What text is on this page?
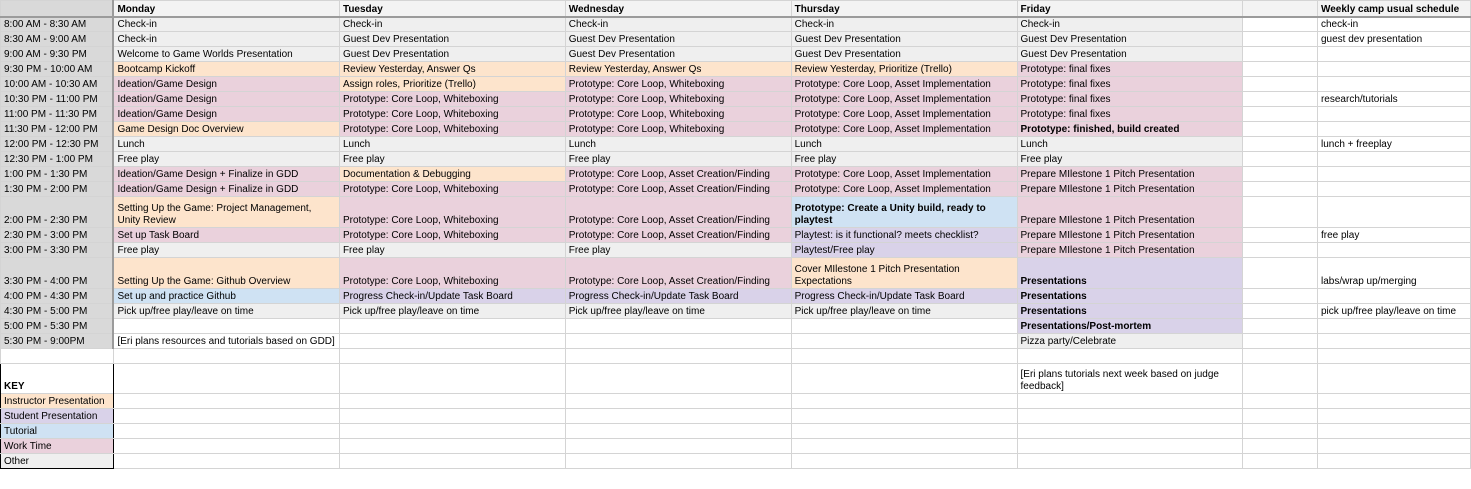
	Monday	Tuesday	Wednesday	Thursday	Friday		Weekly camp usual schedule
8:00 AM - 8:30 AM	Check-in	Check-in	Check-in	Check-in	Check-in		check-in
8:30 AM - 9:00 AM	Check-in	Guest Dev Presentation	Guest Dev Presentation	Guest Dev Presentation	Guest Dev Presentation		guest dev presentation
9:00 AM - 9:30 PM	Welcome to Game Worlds Presentation	Guest Dev Presentation	Guest Dev Presentation	Guest Dev Presentation	Guest Dev Presentation		
9:30 PM - 10:00 AM	Bootcamp Kickoff	Review Yesterday, Answer Qs	Review Yesterday, Answer Qs	Review Yesterday, Prioritize (Trello)	Prototype: final fixes		
10:00 AM - 10:30 AM	Ideation/Game Design	Assign roles, Prioritize (Trello)	Prototype: Core Loop, Whiteboxing	Prototype: Core Loop, Asset Implementation	Prototype: final fixes		
10:30 PM - 11:00 PM	Ideation/Game Design	Prototype: Core Loop, Whiteboxing	Prototype: Core Loop, Whiteboxing	Prototype: Core Loop, Asset Implementation	Prototype: final fixes		research/tutorials
11:00 PM - 11:30 PM	Ideation/Game Design	Prototype: Core Loop, Whiteboxing	Prototype: Core Loop, Whiteboxing	Prototype: Core Loop, Asset Implementation	Prototype: final fixes		
11:30 PM - 12:00 PM	Game Design Doc Overview	Prototype: Core Loop, Whiteboxing	Prototype: Core Loop, Whiteboxing	Prototype: Core Loop, Asset Implementation	Prototype: finished, build created		
12:00 PM - 12:30 PM	Lunch	Lunch	Lunch	Lunch	Lunch		lunch + freeplay
12:30 PM - 1:00 PM	Free play	Free play	Free play	Free play	Free play		
1:00 PM - 1:30 PM	Ideation/Game Design + Finalize in GDD	Documentation & Debugging	Prototype: Core Loop, Asset Creation/Finding	Prototype: Core Loop, Asset Implementation	Prepare MIlestone 1 Pitch Presentation		
1:30 PM - 2:00 PM	Ideation/Game Design + Finalize in GDD	Prototype: Core Loop, Whiteboxing	Prototype: Core Loop, Asset Creation/Finding	Prototype: Core Loop, Asset Implementation	Prepare MIlestone 1 Pitch Presentation		
2:00 PM - 2:30 PM	Setting Up the Game: Project Management, Unity Review	Prototype: Core Loop, Whiteboxing	Prototype: Core Loop, Asset Creation/Finding	Prototype: Create a Unity build, ready to playtest	Prepare MIlestone 1 Pitch Presentation		
2:30 PM - 3:00 PM	Set up Task Board	Prototype: Core Loop, Whiteboxing	Prototype: Core Loop, Asset Creation/Finding	Playtest: is it functional? meets checklist?	Prepare MIlestone 1 Pitch Presentation		free play
3:00 PM - 3:30 PM	Free play	Free play	Free play	Playtest/Free play	Prepare MIlestone 1 Pitch Presentation		
3:30 PM - 4:00 PM	Setting Up the Game: Github Overview	Prototype: Core Loop, Whiteboxing	Prototype: Core Loop, Asset Creation/Finding	Cover MIlestone 1 Pitch Presentation Expectations	Presentations		labs/wrap up/merging
4:00 PM - 4:30 PM	Set up and practice Github	Progress Check-in/Update Task Board	Progress Check-in/Update Task Board	Progress Check-in/Update Task Board	Presentations		
4:30 PM - 5:00 PM	Pick up/free play/leave on time	Pick up/free play/leave on time	Pick up/free play/leave on time	Pick up/free play/leave on time	Presentations		pick up/free play/leave on time
5:00 PM - 5:30 PM					Presentations/Post-mortem		
5:30 PM - 9:00PM	[Eri plans resources and tutorials based on GDD]				Pizza party/Celebrate		

KEY					[Eri plans tutorials next week based on judge feedback]		
Instructor Presentation							
Student Presentation							
Tutorial							
Work Time							
Other							
